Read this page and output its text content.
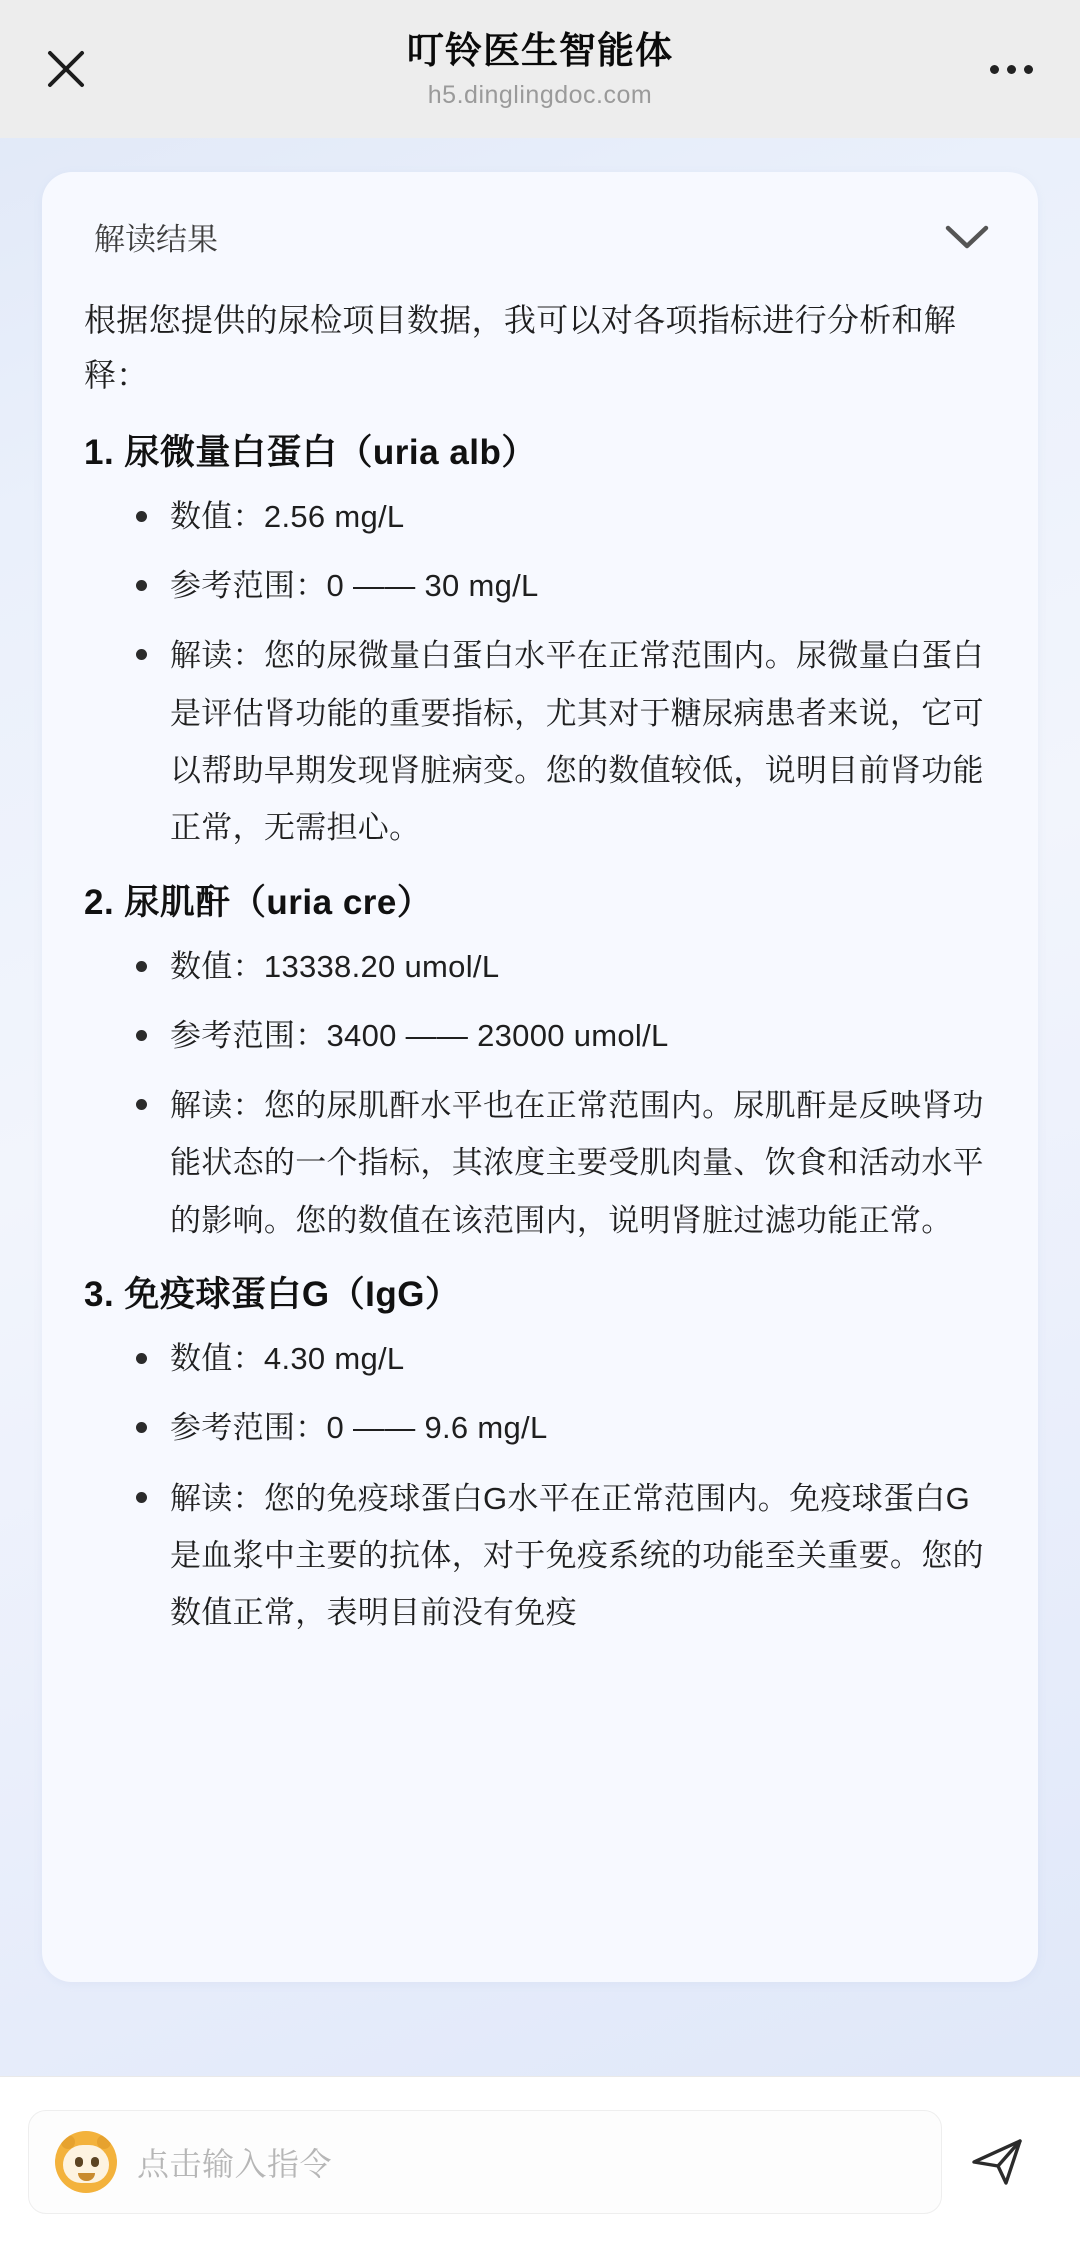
叮铃医生智能体
h5.dinglingdoc.com
解读结果

根据您提供的尿检项目数据，我可以对各项指标进行分析和解释：

1. 尿微量白蛋白（uria alb）
数值：2.56 mg/L
参考范围：0 —— 30 mg/L
解读：您的尿微量白蛋白水平在正常范围内。尿微量白蛋白是评估肾功能的重要指标，尤其对于糖尿病患者来说，它可以帮助早期发现肾脏病变。您的数值较低，说明目前肾功能正常，无需担心。
2. 尿肌酐（uria cre）
数值：13338.20 umol/L
参考范围：3400 —— 23000 umol/L
解读：您的尿肌酐水平也在正常范围内。尿肌酐是反映肾功能状态的一个指标，其浓度主要受肌肉量、饮食和活动水平的影响。您的数值在该范围内，说明肾脏过滤功能正常。
3. 免疫球蛋白G（IgG）
数值：4.30 mg/L
参考范围：0 —— 9.6 mg/L
解读：您的免疫球蛋白G水平在正常范围内。免疫球蛋白G是血浆中主要的抗体，对于免疫系统的功能至关重要。您的数值正常，表明目前没有免疫
点击输入指令
